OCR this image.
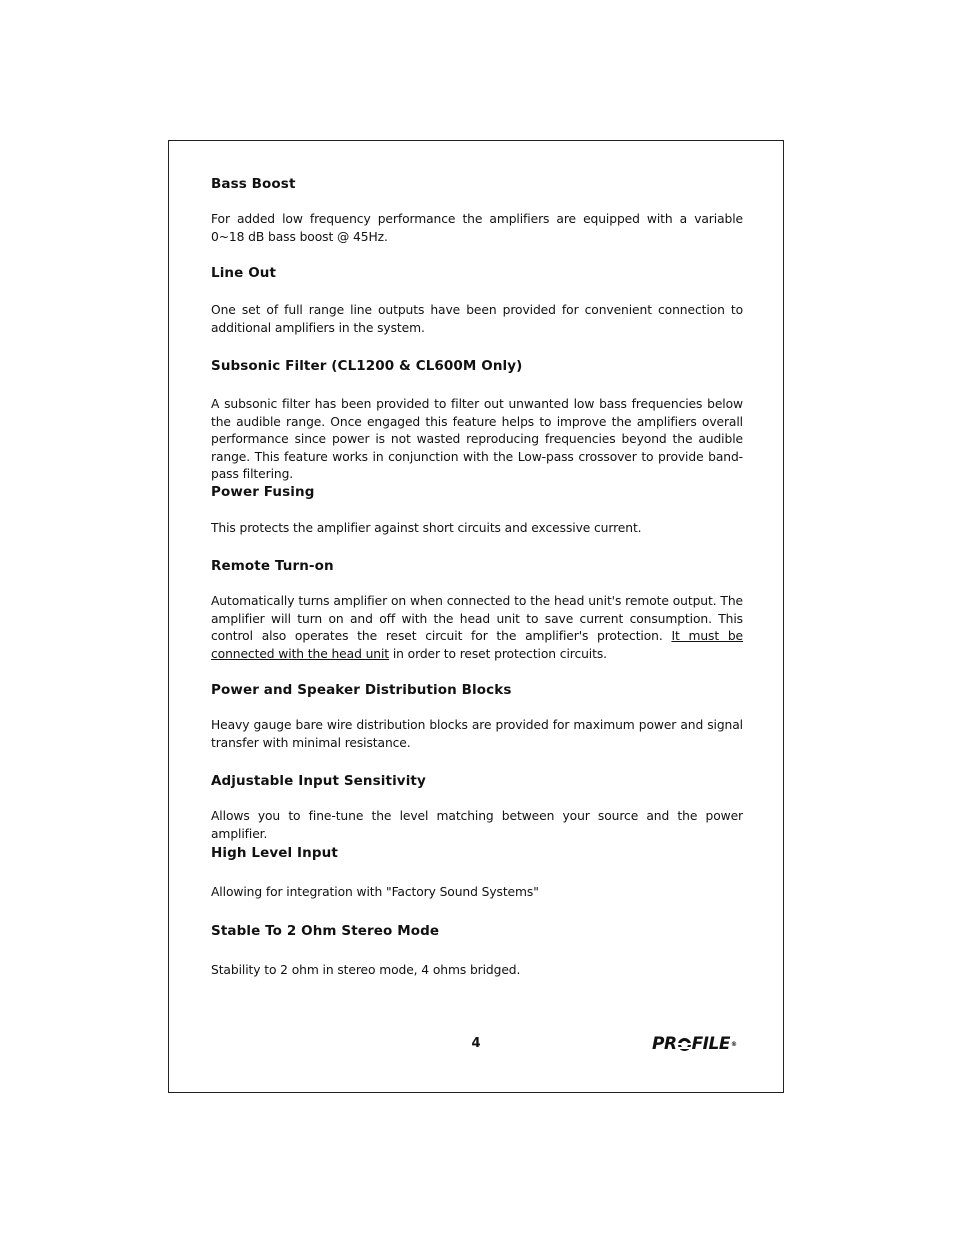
Bass Boost
For added low frequency performance the amplifiers are equipped with a variable 0~18 dB bass boost @ 45Hz.
Line Out
One set of full range line outputs have been provided for convenient connection to additional amplifiers in the system.
Subsonic Filter (CL1200 & CL600M Only)
A subsonic filter has been provided to filter out unwanted low bass frequencies below the audible range. Once engaged this feature helps to improve the amplifiers overall performance since power is not wasted reproducing frequencies beyond the audible range. This feature works in conjunction with the Low-pass crossover to provide band-pass filtering.
Power Fusing
This protects the amplifier against short circuits and excessive current.
Remote Turn-on
Automatically turns amplifier on when connected to the head unit's remote output. The amplifier will turn on and off with the head unit to save current consumption. This control also operates the reset circuit for the amplifier's protection. It must be connected with the head unit in order to reset protection circuits.
Power and Speaker Distribution Blocks
Heavy gauge bare wire distribution blocks are provided for maximum power and signal transfer with minimal resistance.
Adjustable Input Sensitivity
Allows you to fine-tune the level matching between your source and the power amplifier.
High Level Input
Allowing for integration with "Factory Sound Systems"
Stable To 2 Ohm Stereo Mode
Stability to 2 ohm in stereo mode, 4 ohms bridged.
4	PR FILE ®
